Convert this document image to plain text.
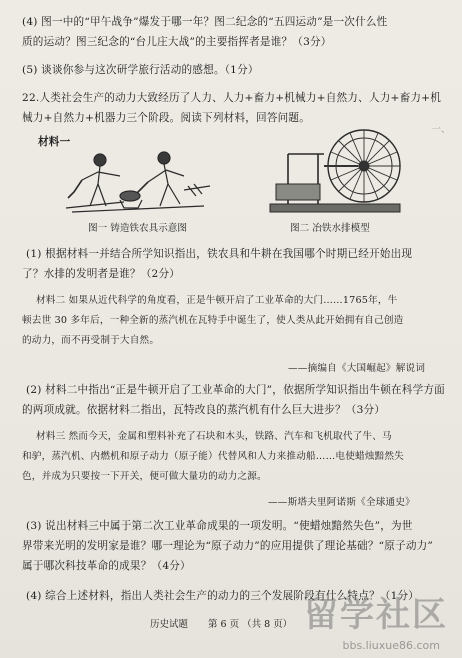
(4) 图一中的“甲午战争”爆发于哪一年？图二纪念的“五四运动”是一次什么性
质的运动？图三纪念的“台儿庄大战”的主要指挥者是谁？（3分）
(5) 谈谈你参与这次研学旅行活动的感想。（1分）
22.人类社会生产的动力大致经历了人力、人力+畜力+机械力+自然力、人力+畜力+机
械力+自然力+机器力三个阶段。阅读下列材料，回答问题。
一、
材料一
图一 铸造铁农具示意图	图二 冶铁水排模型
(1) 根据材料一并结合所学知识指出，铁农具和牛耕在我国哪个时期已经开始出现
了？水排的发明者是谁？（2分）
材料二 如果从近代科学的角度看，正是牛顿开启了工业革命的大门……1765年，牛
顿去世 30 多年后，一种全新的蒸汽机在瓦特手中诞生了，使人类从此开始拥有自己创造
的动力，而不再受制于大自然。
——摘编自《大国崛起》解说词
(2) 材料二中指出“正是牛顿开启了工业革命的大门”，依据所学知识指出牛顿在科学方面
的两项成就。依据材料二指出，瓦特改良的蒸汽机有什么巨大进步？（3分）
材料三 然而今天，金属和塑料补充了石块和木头，铁路、汽车和飞机取代了牛、马
和驴，蒸汽机、内燃机和原子动力（原子能）代替风和人力来推动船……电使蜡烛黯然失
色，并成为只要按一下开关，便可做大量功的动力之源。
——斯塔夫里阿诺斯《全球通史》
(3) 说出材料三中属于第二次工业革命成果的一项发明。“使蜡烛黯然失色”，为世
界带来光明的发明家是谁？哪一理论为“原子动力”的应用提供了理论基础？“原子动力”
属于哪次科技革命的成果？（4分）
(4) 综合上述材料，指出人类社会生产的动力的三个发展阶段有什么特点？（1分）
历史试题 第 6 页 （共 8 页） 留学社区
bbs.liuxue86.com
